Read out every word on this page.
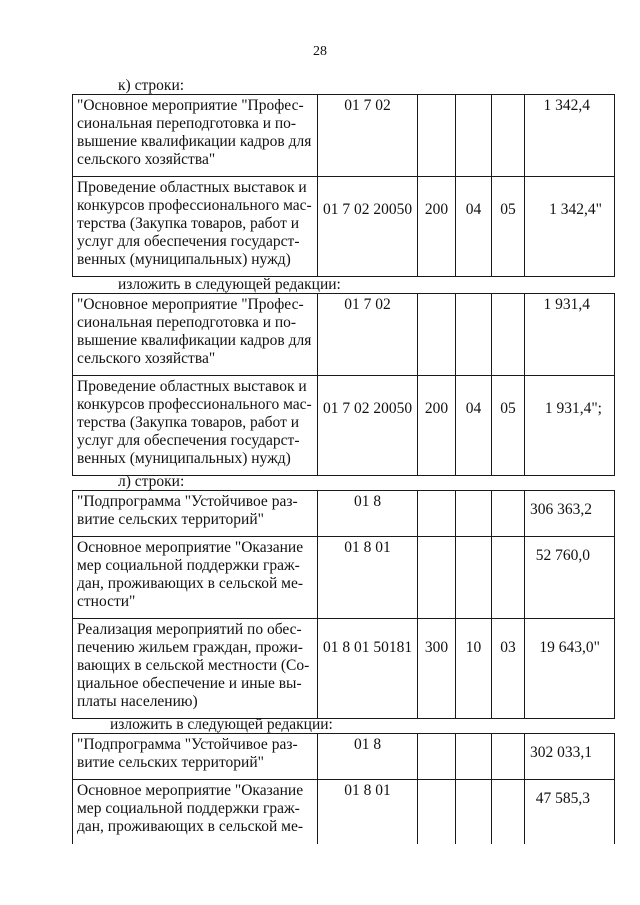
28
к) строки:
"Основное мероприятие "Профес-
сиональная переподготовка и по-
вышение квалификации кадров для
сельского хозяйства"	01 7 02				1 342,4

Проведение областных выставок и
конкурсов профессионального мас-
терства (Закупка товаров, работ и
услуг для обеспечения государст-
венных (муниципальных) нужд)	01 7 02 20050	200	04	05	1 342,4"
изложить в следующей редакции:
"Основное мероприятие "Профес-
сиональная переподготовка и по-
вышение квалификации кадров для
сельского хозяйства"	01 7 02				1 931,4

Проведение областных выставок и
конкурсов профессионального мас-
терства (Закупка товаров, работ и
услуг для обеспечения государст-
венных (муниципальных) нужд)	01 7 02 20050	200	04	05	1 931,4";
л) строки:
"Подпрограмма "Устойчивое раз-
витие сельских территорий"	01 8				306 363,2

Основное мероприятие "Оказание
мер социальной поддержки граж-
дан, проживающих в сельской ме-
стности"	01 8 01				52 760,0

Реализация мероприятий по обес-
печению жильем граждан, прожи-
вающих в сельской местности (Со-
циальное обеспечение и иные вы-
платы населению)	01 8 01 50181	300	10	03	19 643,0"
изложить в следующей редакции:
"Подпрограмма "Устойчивое раз-
витие сельских территорий"	01 8				302 033,1

Основное мероприятие "Оказание
мер социальной поддержки граж-
дан, проживающих в сельской ме-	01 8 01				47 585,3
